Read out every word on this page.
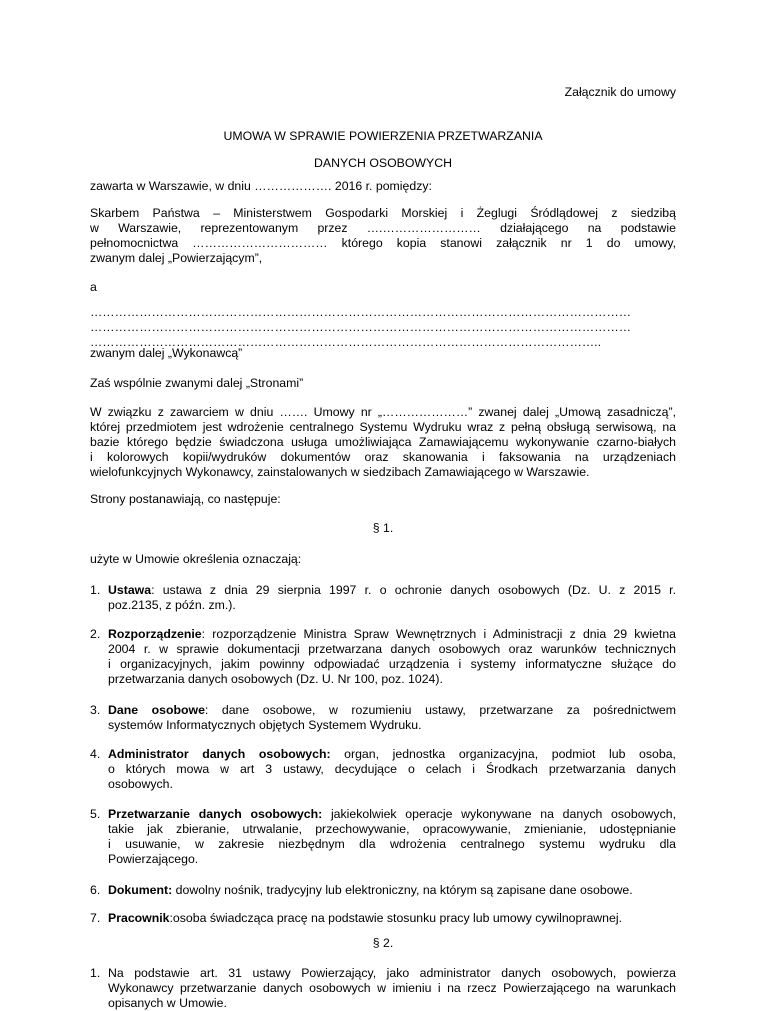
Załącznik do umowy
UMOWA W SPRAWIE POWIERZENIA PRZETWARZANIA
DANYCH OSOBOWYCH
zawarta w Warszawie, w dniu ………………. 2016 r. pomiędzy:
Skarbem Państwa – Ministerstwem Gospodarki Morskiej i Żeglugi Śródlądowej z siedzibą
w Warszawie, reprezentowanym przez ….…………………… działającego na podstawie
pełnomocnictwa …………………………… którego kopia stanowi załącznik nr 1 do umowy,
zwanym dalej „Powierzającym”,
a
……………………………………………………………………………………………………………………
……………………………………………………………………………………………………………………
……………………………………………………………………………………………………………..
zwanym dalej „Wykonawcą”
Zaś wspólnie zwanymi dalej „Stronami”
W związku z zawarciem w dniu ……. Umowy nr „…………………” zwanej dalej „Umową zasadniczą”,
której przedmiotem jest wdrożenie centralnego Systemu Wydruku wraz z pełną obsługą serwisową, na
bazie którego będzie świadczona usługa umożliwiająca Zamawiającemu wykonywanie czarno-białych
i kolorowych kopii/wydruków dokumentów oraz skanowania i faksowania na urządzeniach
wielofunkcyjnych Wykonawcy, zainstalowanych w siedzibach Zamawiającego w Warszawie.
Strony postanawiają, co następuje:
§ 1.
użyte w Umowie określenia oznaczają:
1. Ustawa: ustawa z dnia 29 sierpnia 1997 r. o ochronie danych osobowych (Dz. U. z 2015 r.
poz.2135, z późn. zm.).
2. Rozporządzenie: rozporządzenie Ministra Spraw Wewnętrznych i Administracji z dnia 29 kwietna
2004 r. w sprawie dokumentacji przetwarzana danych osobowych oraz warunków technicznych
i organizacyjnych, jakim powinny odpowiadać urządzenia i systemy informatyczne służące do
przetwarzania danych osobowych (Dz. U. Nr 100, poz. 1024).
3. Dane osobowe: dane osobowe, w rozumieniu ustawy, przetwarzane za pośrednictwem
systemów Informatycznych objętych Systemem Wydruku.
4. Administrator danych osobowych: organ, jednostka organizacyjna, podmiot lub osoba,
o których mowa w art 3 ustawy, decydujące o celach i Środkach przetwarzania danych
osobowych.
5. Przetwarzanie danych osobowych: jakiekolwiek operacje wykonywane na danych osobowych,
takie jak zbieranie, utrwalanie, przechowywanie, opracowywanie, zmienianie, udostępnianie
i usuwanie, w zakresie niezbędnym dla wdrożenia centralnego systemu wydruku dla
Powierzającego.
6. Dokument: dowolny nośnik, tradycyjny lub elektroniczny, na którym są zapisane dane osobowe.
7. Pracownik:osoba świadcząca pracę na podstawie stosunku pracy lub umowy cywilnoprawnej.
§ 2.
1. Na podstawie art. 31 ustawy Powierzający, jako administrator danych osobowych, powierza
Wykonawcy przetwarzanie danych osobowych w imieniu i na rzecz Powierzającego na warunkach
opisanych w Umowie.
